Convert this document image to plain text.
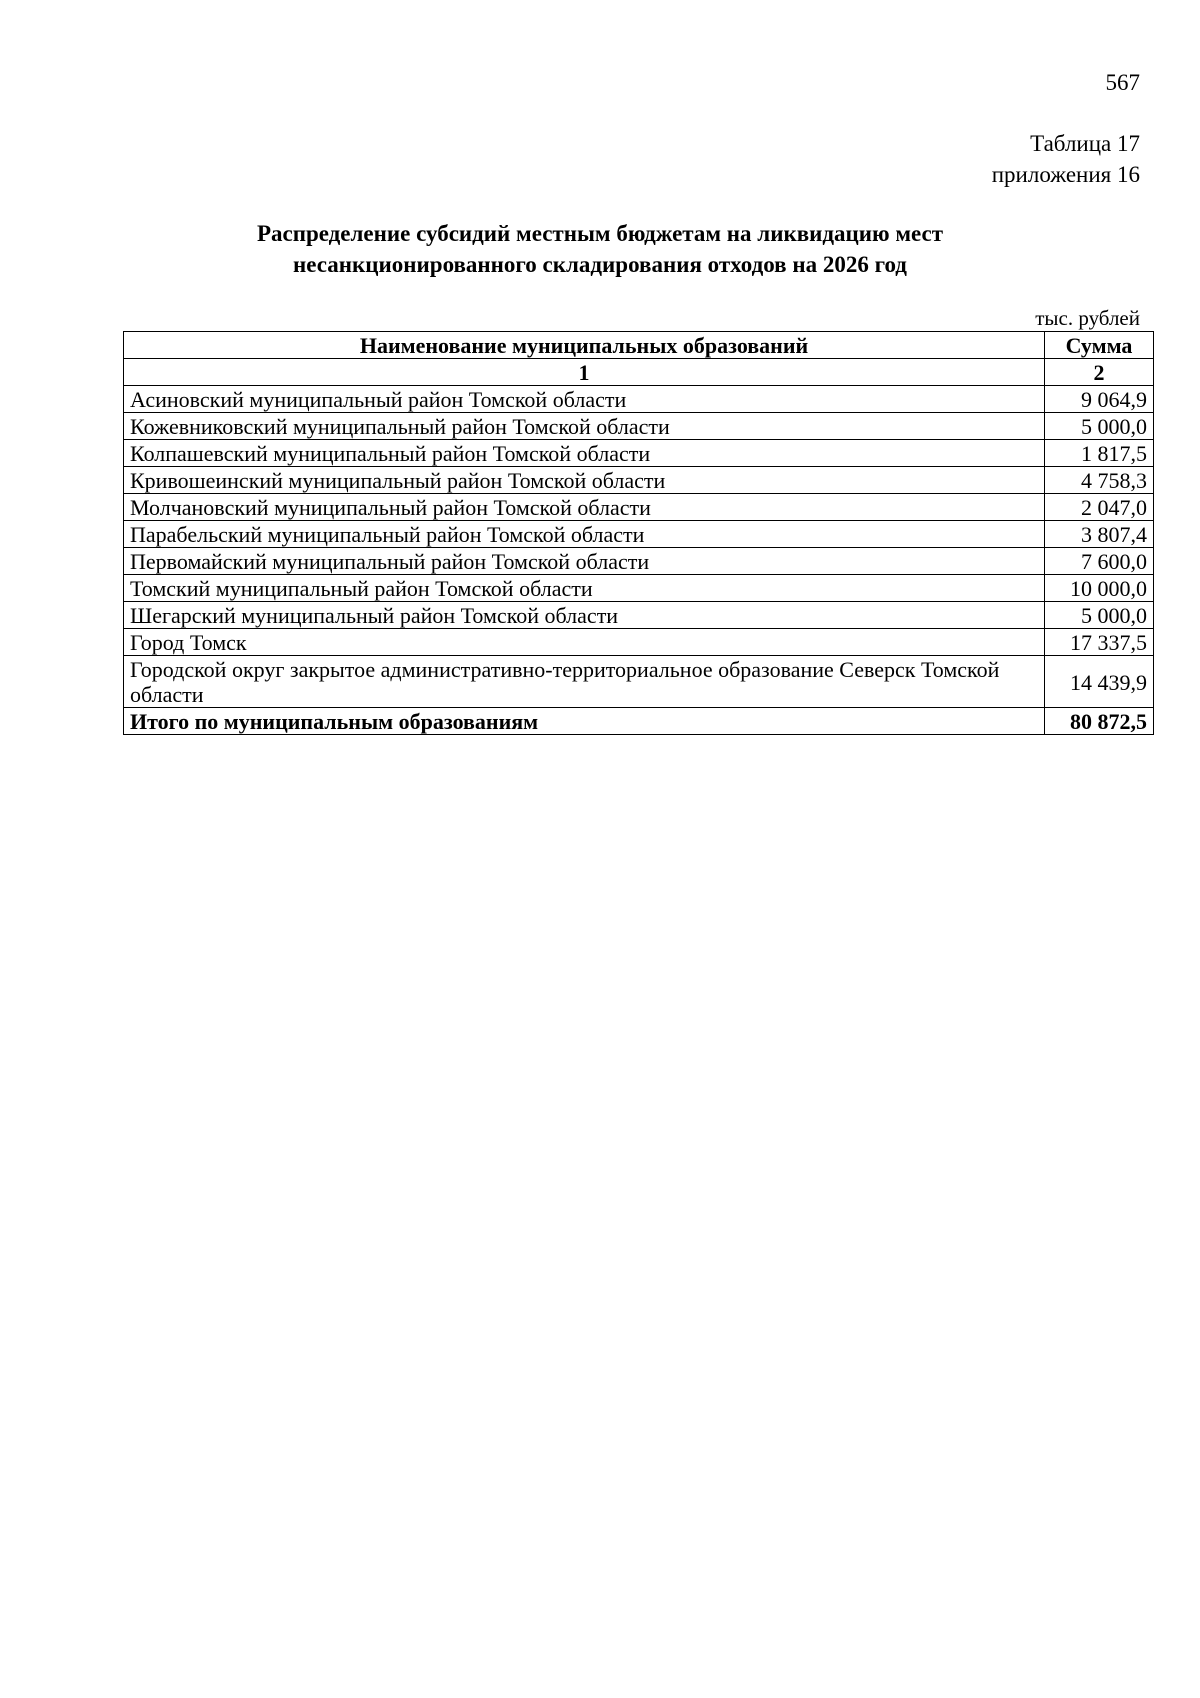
567
Таблица 17
приложения 16
Распределение субсидий местным бюджетам на ликвидацию мест
несанкционированного складирования отходов на 2026 год
тыс. рублей
Наименование муниципальных образований	Сумма
1	2
Асиновский муниципальный район Томской области	9 064,9
Кожевниковский муниципальный район Томской области	5 000,0
Колпашевский муниципальный район Томской области	1 817,5
Кривошеинский муниципальный район Томской области	4 758,3
Молчановский муниципальный район Томской области	2 047,0
Парабельский муниципальный район Томской области	3 807,4
Первомайский муниципальный район Томской области	7 600,0
Томский муниципальный район Томской области	10 000,0
Шегарский муниципальный район Томской области	5 000,0
Город Томск	17 337,5
Городской округ закрытое административно-территориальное образование Северск Томской области	14 439,9
Итого по муниципальным образованиям	80 872,5
